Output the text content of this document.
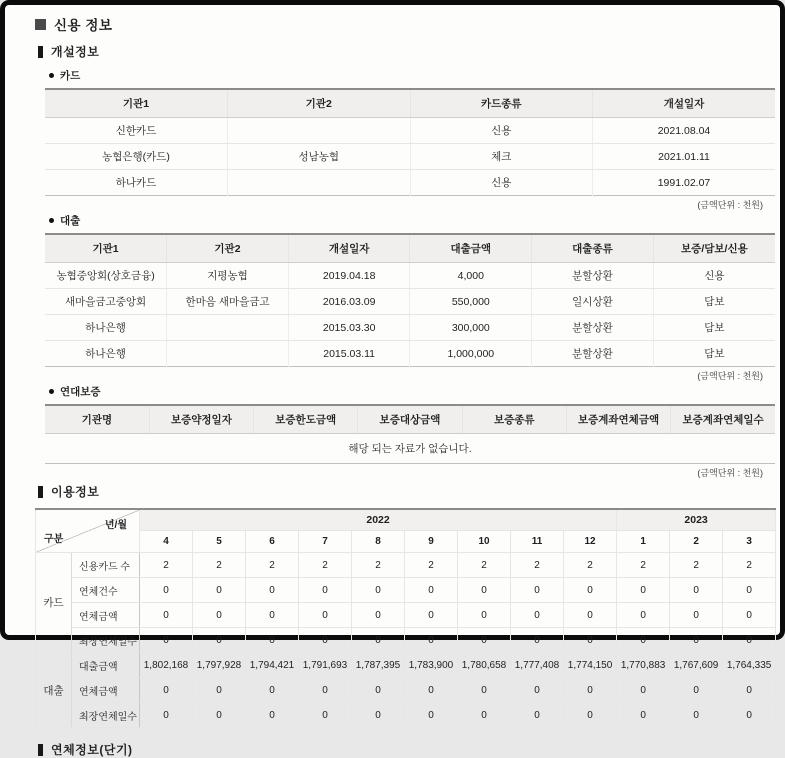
신용 정보
개설정보
카드
기관1	기관2	카드종류	개설일자
신한카드		신용	2021.08.04
농협은행(카드)	성남농협	체크	2021.01.11
하나카드		신용	1991.02.07
(금액단위 : 천원)
대출
기관1	기관2	개설일자	대출금액	대출종류	보증/담보/신용
농협중앙회(상호금융)	지평농협	2019.04.18	4,000	분할상환	신용
새마을금고중앙회	한마음 새마을금고	2016.03.09	550,000	일시상환	담보
하나은행		2015.03.30	300,000	분할상환	담보
하나은행		2015.03.11	1,000,000	분할상환	담보
(금액단위 : 천원)
연대보증
기관명	보증약정일자	보증한도금액	보증대상금액	보증종류	보증계좌연체금액	보증계좌연체일수
해당 되는 자료가 없습니다.
(금액단위 : 천원)
이용정보
년/월
구분		2022									2023		
		4	5	6	7	8	9	10	11	12	1	2	3
카드	신용카드 수	2	2	2	2	2	2	2	2	2	2	2	2
	연체건수	0	0	0	0	0	0	0	0	0	0	0	0
	연체금액	0	0	0	0	0	0	0	0	0	0	0	0
	최장연체일수	0	0	0	0	0	0	0	0	0	0	0	0
대출	대출금액	1,802,168	1,797,928	1,794,421	1,791,693	1,787,395	1,783,900	1,780,658	1,777,408	1,774,150	1,770,883	1,767,609	1,764,335
	연체금액	0	0	0	0	0	0	0	0	0	0	0	0
	최장연체일수	0	0	0	0	0	0	0	0	0	0	0	0
연체정보(단기)
